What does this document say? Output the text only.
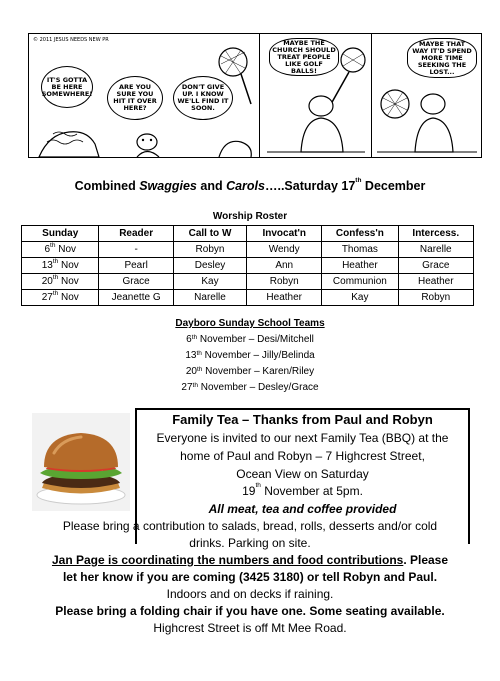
© 2011 JESUS NEEDS NEW PR
IT'S GOTTA BE HERE SOMEWHERE!
ARE YOU SURE YOU HIT IT OVER HERE?
DON'T GIVE UP. I KNOW WE'LL FIND IT SOON.
MAYBE THE CHURCH SHOULD TREAT PEOPLE LIKE GOLF BALLS!
MAYBE THAT WAY IT'D SPEND MORE TIME SEEKING THE LOST...
Combined Swaggies and Carols…..Saturday 17th December
Worship Roster
Sunday	Reader	Call to W	Invocat'n	Confess'n	Intercess.
6th Nov	-	Robyn	Wendy	Thomas	Narelle
13th Nov	Pearl	Desley	Ann	Heather	Grace
20th Nov	Grace	Kay	Robyn	Communion	Heather
27th Nov	Jeanette G	Narelle	Heather	Kay	Robyn
Dayboro Sunday School Teams
6th November – Desi/Mitchell
13th November – Jilly/Belinda
20th November – Karen/Riley
27th November – Desley/Grace
Family Tea – Thanks from Paul and Robyn
Everyone is invited to our next Family Tea (BBQ) at the
home of Paul and Robyn – 7 Highcrest Street,
Ocean View on Saturday
19th November at 5pm.
All meat, tea and coffee provided
Please bring a contribution to salads, bread, rolls, desserts and/or cold
drinks. Parking on site.
Jan Page is coordinating the numbers and food contributions. Please
let her know if you are coming (3425 3180) or tell Robyn and Paul.
Indoors and on decks if raining.
Please bring a folding chair if you have one. Some seating available.
Highcrest Street is off Mt Mee Road.
